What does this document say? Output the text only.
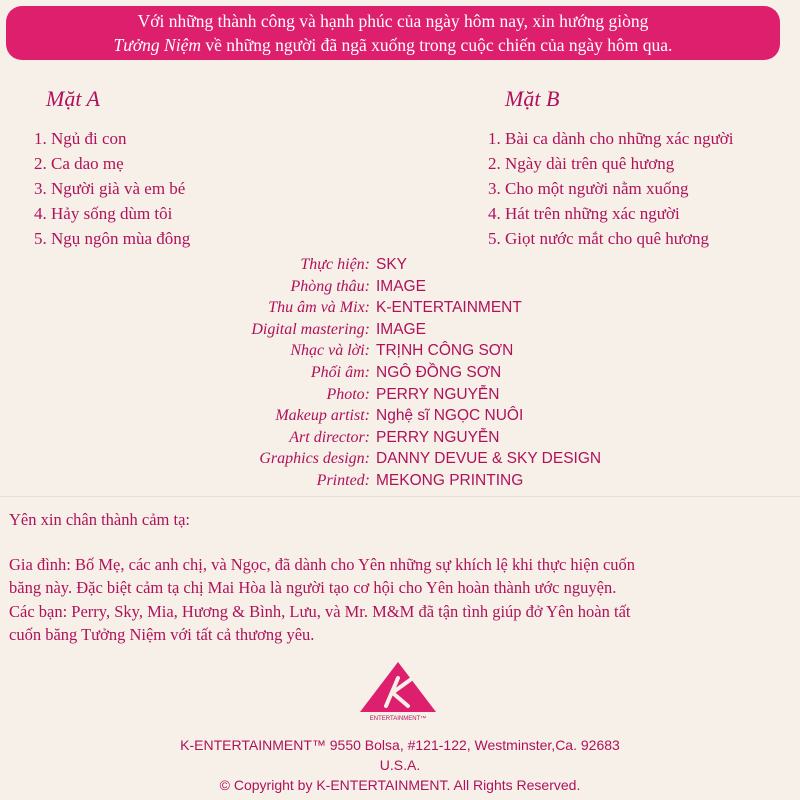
Với những thành công và hạnh phúc của ngày hôm nay, xin hướng giòng
Tưởng Niệm về những người đã ngã xuống trong cuộc chiến của ngày hôm qua.
Mặt A
1. Ngủ đi con
2. Ca dao mẹ
3. Người già và em bé
4. Hảy sống dùm tôi
5. Ngụ ngôn mùa đông
Mặt B
1. Bài ca dành cho những xác người
2. Ngày dài trên quê hương
3. Cho một người nằm xuống
4. Hát trên những xác người
5. Giọt nước mắt cho quê hương
Thực hiện: SKY
Phòng thâu: IMAGE
Thu âm và Mix: K-ENTERTAINMENT
Digital mastering: IMAGE
Nhạc và lời: TRỊNH CÔNG SƠN
Phối âm: NGÔ ĐỒNG SƠN
Photo: PERRY NGUYỄN
Makeup artist: Nghệ sĩ NGỌC NUÔI
Art director: PERRY NGUYỄN
Graphics design: DANNY DEVUE & SKY DESIGN
Printed: MEKONG PRINTING
Yên xin chân thành cảm tạ:
Gia đình: Bố Mẹ, các anh chị, và Ngọc, đã dành cho Yên những sự khích lệ khi thực hiện cuốn
băng này. Đặc biệt cảm tạ chị Mai Hòa là người tạo cơ hội cho Yên hoàn thành ước nguyện.
Các bạn: Perry, Sky, Mia, Hương & Bình, Lưu, và Mr. M&M đã tận tình giúp đở Yên hoàn tất
cuốn băng Tưởng Niệm với tất cả thương yêu.
ENTERTAINMENT™
K-ENTERTAINMENT™ 9550 Bolsa, #121-122, Westminster,Ca. 92683
U.S.A.
© Copyright by K-ENTERTAINMENT. All Rights Reserved.
